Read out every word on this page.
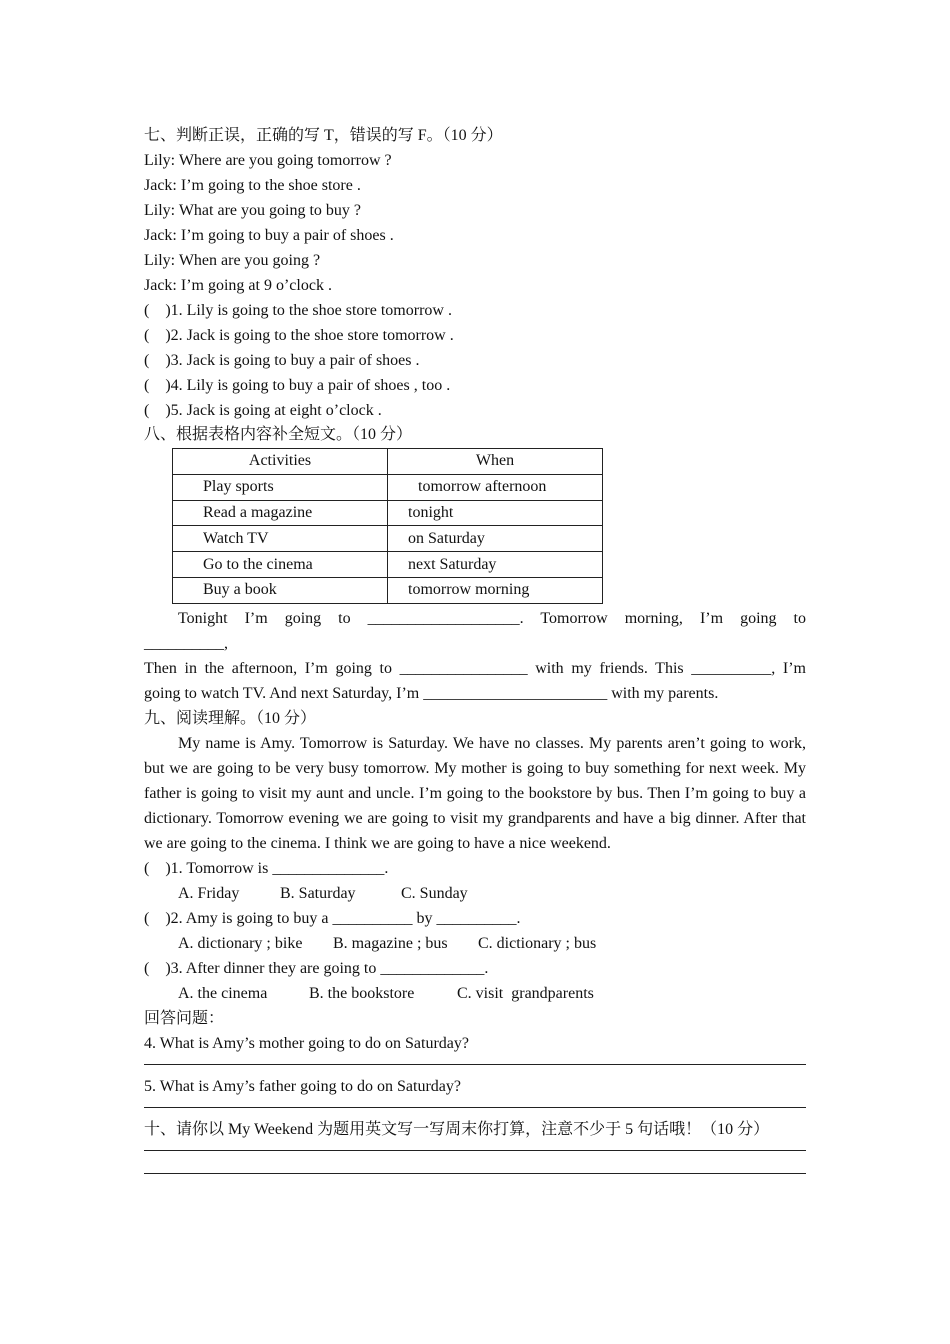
七、判断正误，正确的写 T，错误的写 F。（10 分）
Lily: Where are you going tomorrow ?
Jack: I’m going to the shoe store .
Lily: What are you going to buy ?
Jack: I’m going to buy a pair of shoes .
Lily: When are you going ?
Jack: I’m going at 9 o’clock .
(    )1. Lily is going to the shoe store tomorrow .
(    )2. Jack is going to the shoe store tomorrow .
(    )3. Jack is going to buy a pair of shoes .
(    )4. Lily is going to buy a pair of shoes , too .
(    )5. Jack is going at eight o’clock .
八、根据表格内容补全短文。（10 分）
Activities	When
Play sports	tomorrow afternoon
Read a magazine	tonight
Watch TV	on Saturday
Go to the cinema	next Saturday
Buy a book	tomorrow morning
Tonight I’m going to ___________________. Tomorrow morning, I’m going to
__________,
Then in the afternoon, I’m going to ________________ with my friends. This __________, I’m
going to watch TV. And next Saturday, I’m _______________________ with my parents.
九、阅读理解。（10 分）
My name is Amy. Tomorrow is Saturday. We have no classes. My parents aren’t going to work, but we are going to be very busy tomorrow. My mother is going to buy something for next week. My father is going to visit my aunt and uncle. I’m going to the bookstore by bus. Then I’m going to buy a dictionary. Tomorrow evening we are going to visit my grandparents and have a big dinner. After that we are going to the cinema. I think we are going to have a nice weekend.
(    )1. Tomorrow is ______________.
A. Friday	B. Saturday	C. Sunday
(    )2. Amy is going to buy a __________ by __________.
A. dictionary ; bike B. magazine ; bus C. dictionary ; bus
(    )3. After dinner they are going to _____________.
A. the cinema	B. the bookstore	C. visit  grandparents
回答问题：
4. What is Amy’s mother going to do on Saturday?
5. What is Amy’s father going to do on Saturday?
十、请你以 My Weekend 为题用英文写一写周末你打算，注意不少于 5 句话哦！（10 分）
